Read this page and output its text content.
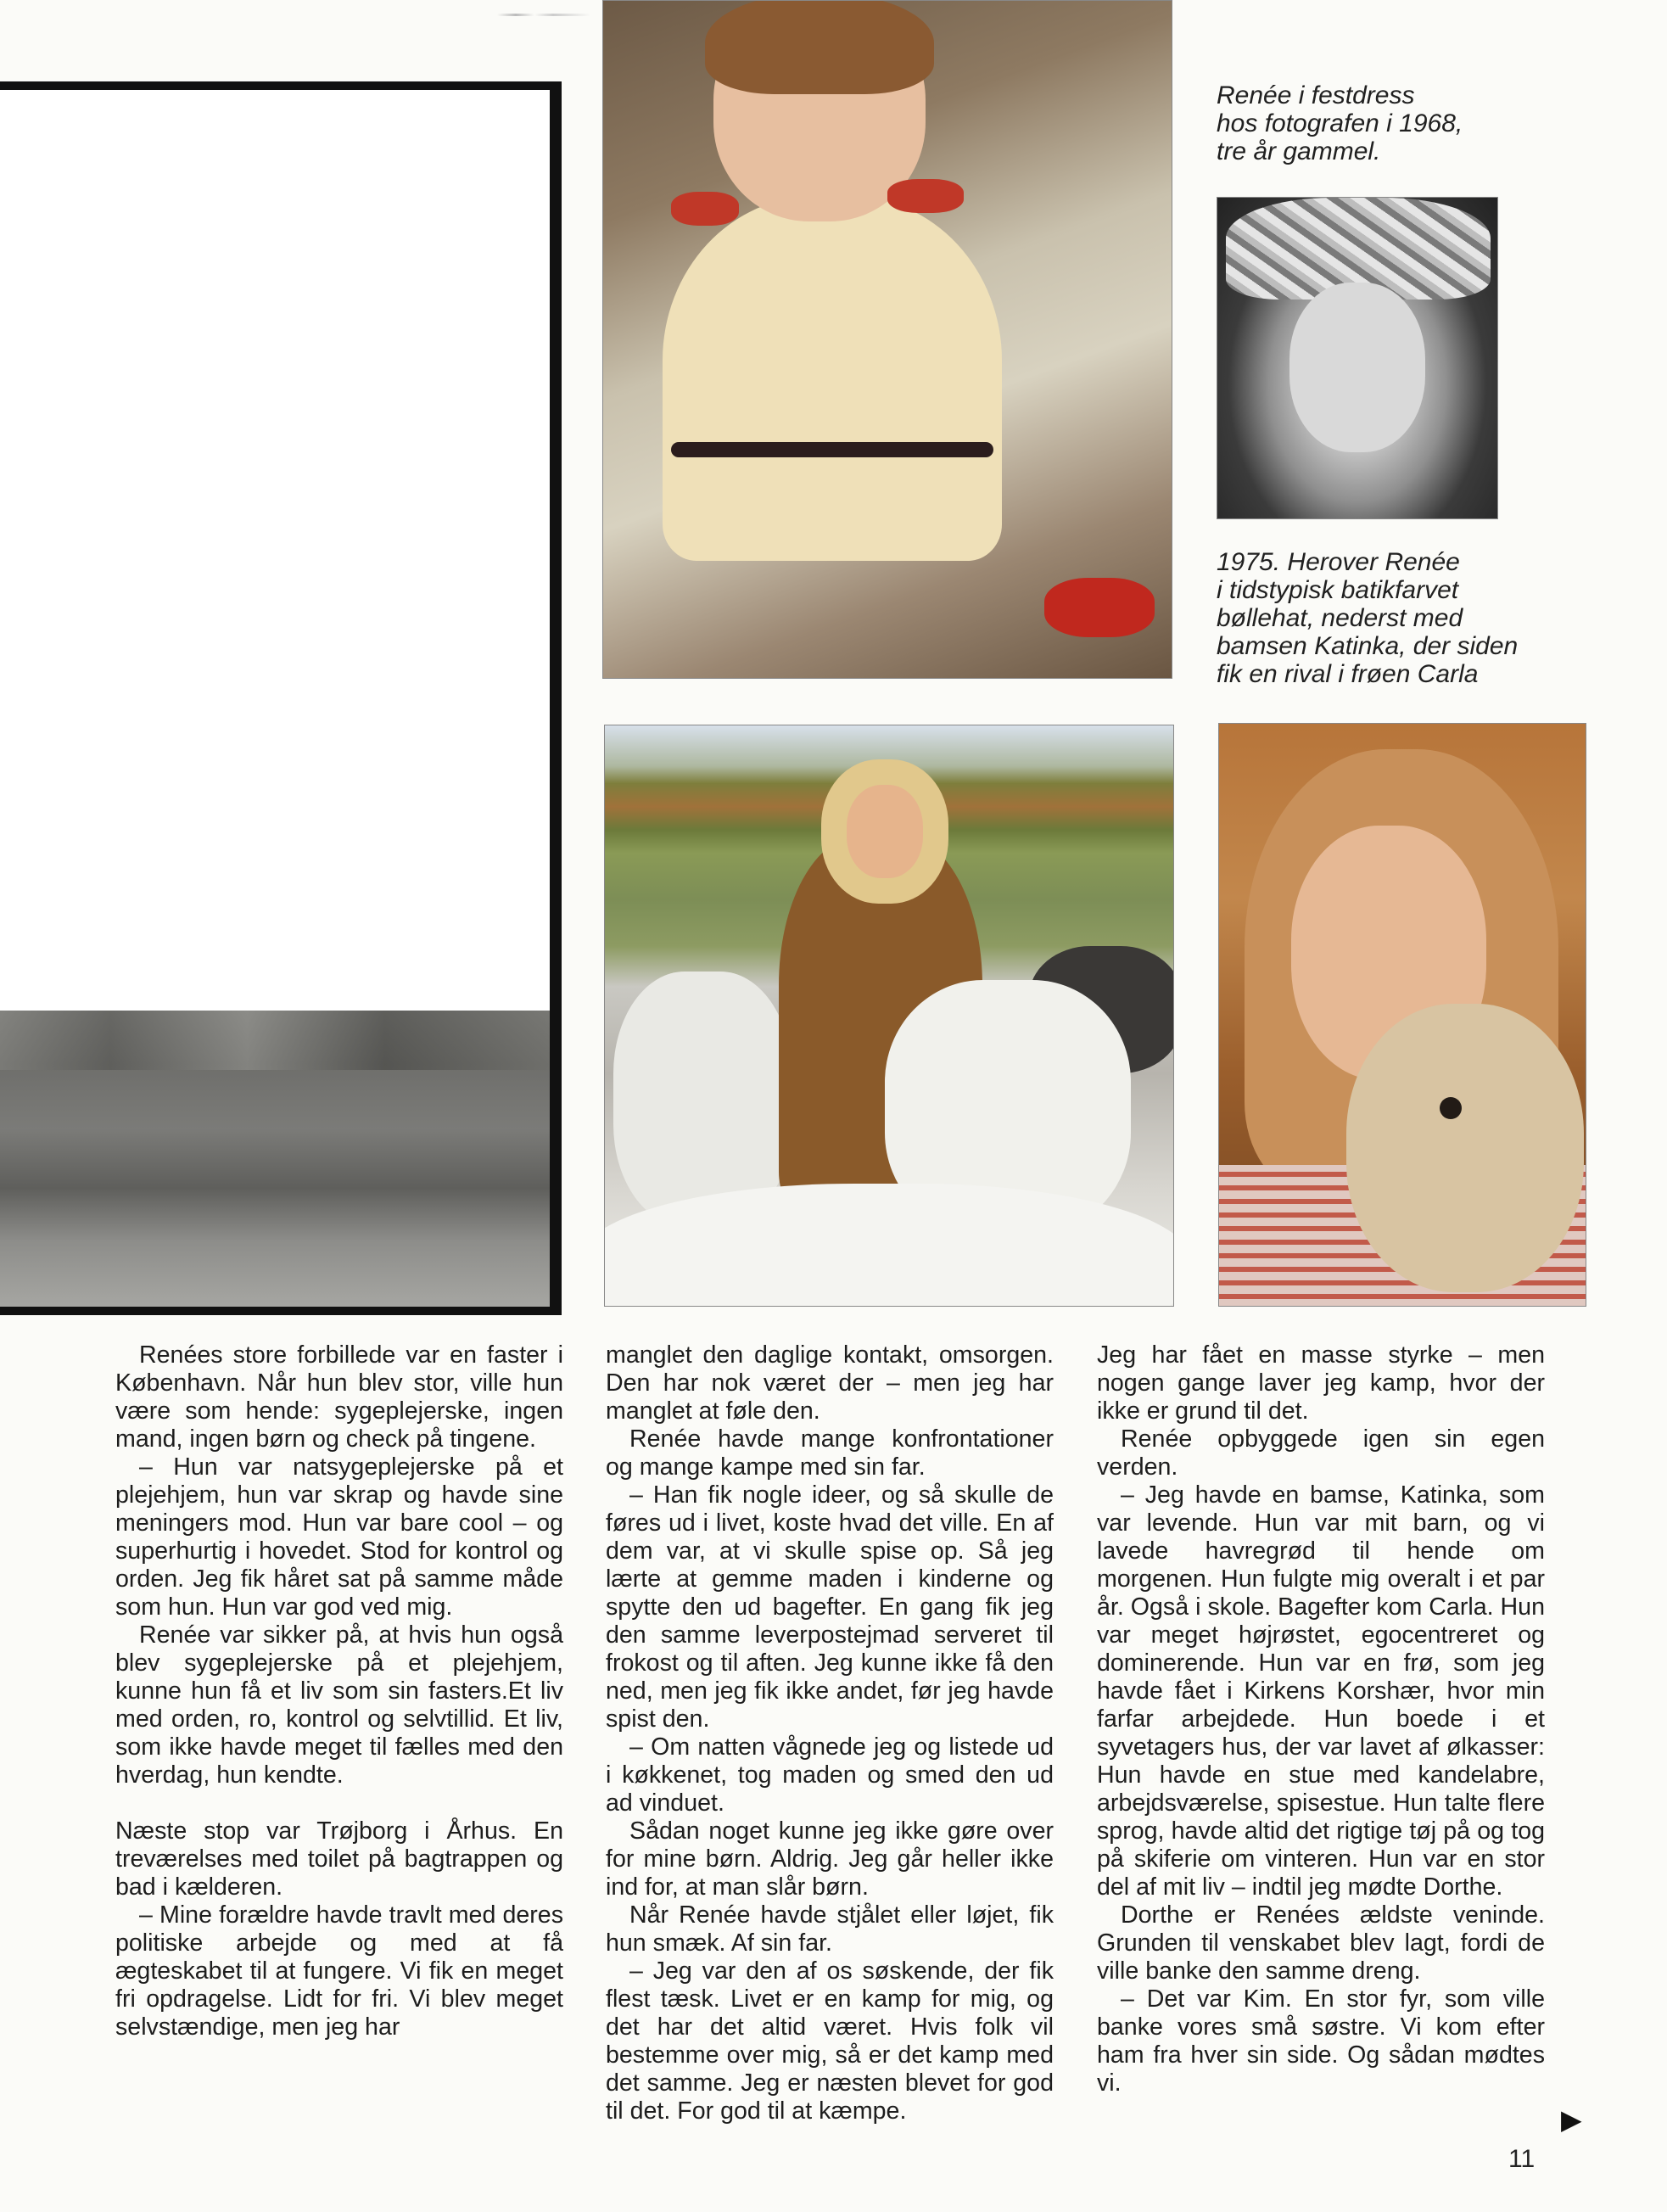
Renée i festdress
hos fotografen i 1968,
tre år gammel.

1975. Herover Renée
i tidstypisk batikfarvet
bøllehat, nederst med
bamsen Katinka, der siden
fik en rival i frøen Carla

Renées store forbillede var en faster i København. Når hun blev stor, ville hun være som hende: sygeplejerske, ingen mand, ingen børn og check på tingene.

– Hun var natsygeplejerske på et plejehjem, hun var skrap og havde sine meningers mod. Hun var bare cool – og superhurtig i hovedet. Stod for kontrol og orden. Jeg fik håret sat på samme måde som hun. Hun var god ved mig.

Renée var sikker på, at hvis hun også blev sygeplejerske på et plejehjem, kunne hun få et liv som sin fasters.Et liv med orden, ro, kontrol og selvtillid. Et liv, som ikke havde meget til fælles med den hverdag, hun kendte.

Næste stop var Trøjborg i Århus. En treværelses med toilet på bagtrappen og bad i kælderen.

– Mine forældre havde travlt med deres politiske arbejde og med at få ægteskabet til at fungere. Vi fik en meget fri opdragelse. Lidt for fri. Vi blev meget selvstændige, men jeg har

manglet den daglige kontakt, omsorgen. Den har nok været der – men jeg har manglet at føle den.

Renée havde mange konfrontationer og mange kampe med sin far.

– Han fik nogle ideer, og så skulle de føres ud i livet, koste hvad det ville. En af dem var, at vi skulle spise op. Så jeg lærte at gemme maden i kinderne og spytte den ud bagefter. En gang fik jeg den samme leverpostejmad serveret til frokost og til aften. Jeg kunne ikke få den ned, men jeg fik ikke andet, før jeg havde spist den.

– Om natten vågnede jeg og listede ud i køkkenet, tog maden og smed den ud ad vinduet.

Sådan noget kunne jeg ikke gøre over for mine børn. Aldrig. Jeg går heller ikke ind for, at man slår børn.

Når Renée havde stjålet eller løjet, fik hun smæk. Af sin far.

– Jeg var den af os søskende, der fik flest tæsk. Livet er en kamp for mig, og det har det altid været. Hvis folk vil bestemme over mig, så er det kamp med det samme. Jeg er næsten blevet for god til det. For god til at kæmpe.

Jeg har fået en masse styrke – men nogen gange laver jeg kamp, hvor der ikke er grund til det.

Renée opbyggede igen sin egen verden.

– Jeg havde en bamse, Katinka, som var levende. Hun var mit barn, og vi lavede havregrød til hende om morgenen. Hun fulgte mig overalt i et par år. Også i skole. Bagefter kom Carla. Hun var meget højrøstet, egocentreret og dominerende. Hun var en frø, som jeg havde fået i Kirkens Korshær, hvor min farfar arbejdede. Hun boede i et syvetagers hus, der var lavet af ølkasser: Hun havde en stue med kandelabre, arbejdsværelse, spisestue. Hun talte flere sprog, havde altid det rigtige tøj på og tog på skiferie om vinteren. Hun var en stor del af mit liv – indtil jeg mødte Dorthe.

Dorthe er Renées ældste veninde. Grunden til venskabet blev lagt, fordi de ville banke den samme dreng.

– Det var Kim. En stor fyr, som ville banke vores små søstre. Vi kom efter ham fra hver sin side. Og sådan mødtes vi.

▶
11
